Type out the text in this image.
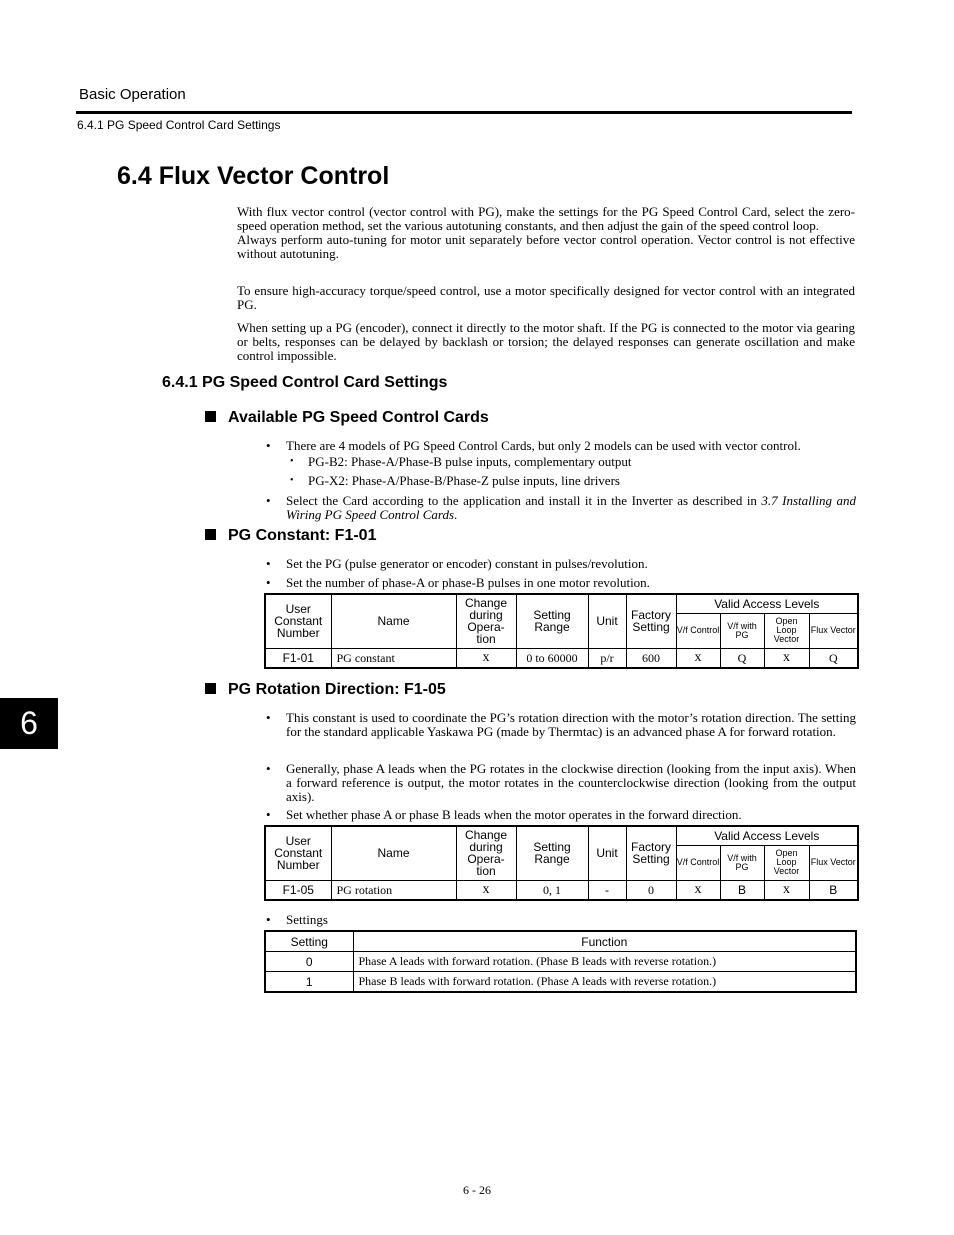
Basic Operation
6.4.1 PG Speed Control Card Settings
6.4 Flux Vector Control

With flux vector control (vector control with PG), make the settings for the PG Speed Control Card, select the zero-speed operation method, set the various autotuning constants, and then adjust the gain of the speed control loop.

Always perform auto-tuning for motor unit separately before vector control operation. Vector control is not effective without autotuning.

To ensure high-accuracy torque/speed control, use a motor specifically designed for vector control with an integrated PG.
When setting up a PG (encoder), connect it directly to the motor shaft. If the PG is connected to the motor via gearing or belts, responses can be delayed by backlash or torsion; the delayed responses can generate oscillation and make control impossible.
6.4.1 PG Speed Control Card Settings
Available PG Speed Control Cards
• There are 4 models of PG Speed Control Cards, but only 2 models can be used with vector control.
• PG-B2: Phase-A/Phase-B pulse inputs, complementary output
• PG-X2: Phase-A/Phase-B/Phase-Z pulse inputs, line drivers
• Select the Card according to the application and install it in the Inverter as described in 3.7 Installing and Wiring PG Speed Control Cards.
PG Constant: F1-01
• Set the PG (pulse generator or encoder) constant in pulses/revolution.
• Set the number of phase-A or phase-B pulses in one motor revolution.
User Constant Number	Name	Change during Opera- tion	Setting Range	Unit	Factory Setting	Valid Access Levels			
						V/f Control	V/f with PG	Open Loop Vector	Flux Vector
F1-01	PG constant	x	0 to 60000	p/r	600	x	Q	x	Q
6
PG Rotation Direction: F1-05
• This constant is used to coordinate the PG’s rotation direction with the motor’s rotation direction. The setting for the standard applicable Yaskawa PG (made by Thermtac) is an advanced phase A for forward rotation.
• Generally, phase A leads when the PG rotates in the clockwise direction (looking from the input axis). When a forward reference is output, the motor rotates in the counterclockwise direction (looking from the output axis).
• Set whether phase A or phase B leads when the motor operates in the forward direction.
User Constant Number	Name	Change during Opera- tion	Setting Range	Unit	Factory Setting	Valid Access Levels			
						V/f Control	V/f with PG	Open Loop Vector	Flux Vector
F1-05	PG rotation	x	0, 1	-	0	x	B	x	B
• Settings
Setting	Function
0	Phase A leads with forward rotation. (Phase B leads with reverse rotation.)
1	Phase B leads with forward rotation. (Phase A leads with reverse rotation.)
6 - 26
